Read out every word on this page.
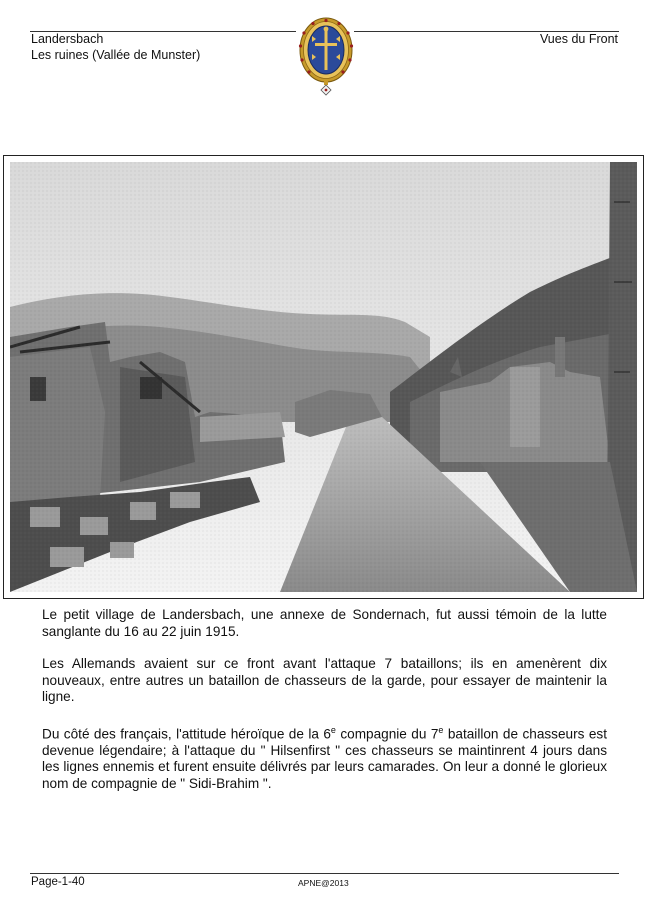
Landersbach
Les ruines (Vallée de Munster)
Vues du Front

Le petit village de Landersbach, une annexe de Sondernach, fut aussi témoin de la lutte sanglante du 16 au 22 juin 1915.

Les Allemands avaient sur ce front avant l'attaque 7 bataillons; ils en amenèrent dix nouveaux, entre autres un bataillon de chasseurs de la garde, pour essayer de maintenir la ligne.

Du côté des français, l'attitude héroïque de la 6e compagnie du 7e bataillon de chasseurs est devenue légendaire; à l'attaque du " Hilsenfirst " ces chasseurs se maintinrent 4 jours dans les lignes ennemis et furent ensuite délivrés par leurs camarades. On leur a donné le glorieux nom de compagnie de " Sidi-Brahim ".

Page-1-40	APNE@2013
